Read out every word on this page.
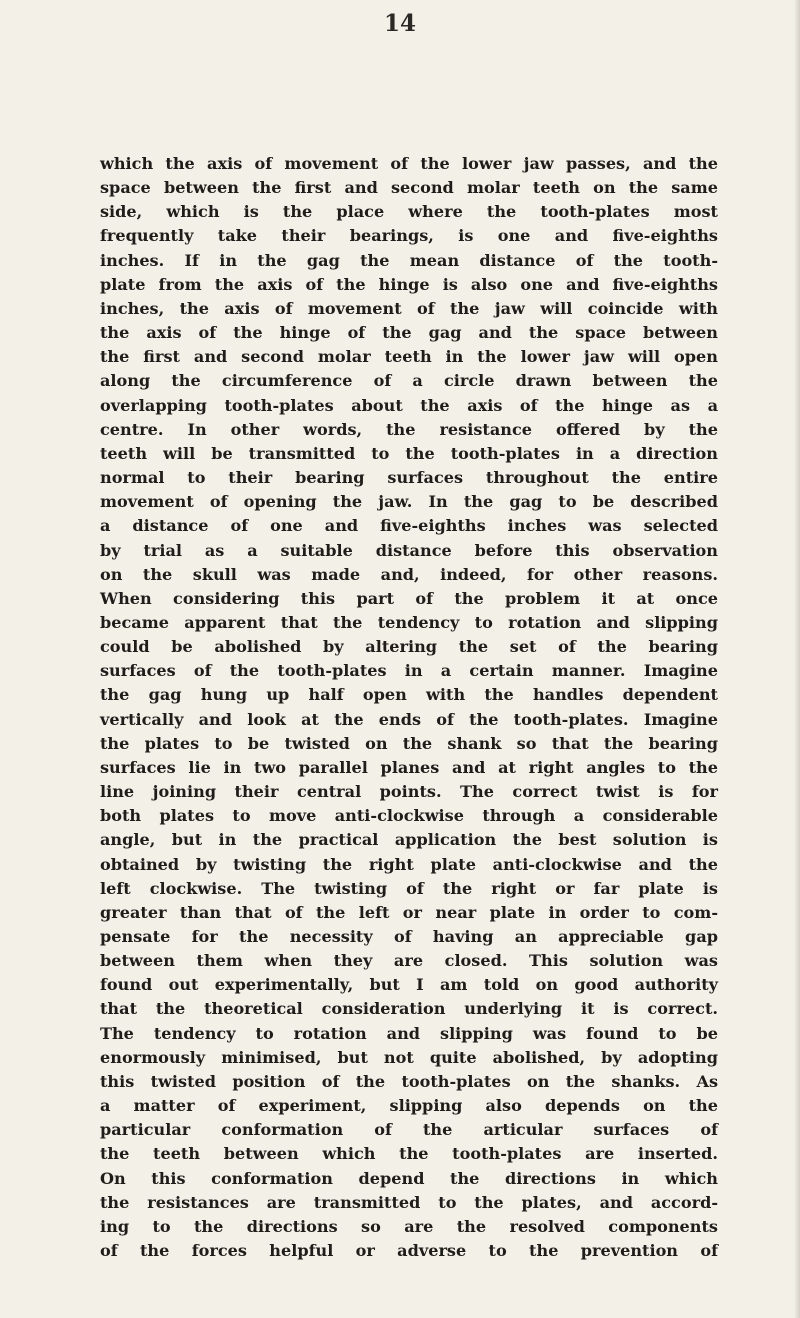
14
which the axis of movement of the lower jaw passes, and the
space between the first and second molar teeth on the same
side, which is the place where the tooth-plates most
frequently take their bearings, is one and five-eighths
inches. If in the gag the mean distance of the tooth-
plate from the axis of the hinge is also one and five-eighths
inches, the axis of movement of the jaw will coincide with
the axis of the hinge of the gag and the space between
the first and second molar teeth in the lower jaw will open
along the circumference of a circle drawn between the
overlapping tooth-plates about the axis of the hinge as a
centre. In other words, the resistance offered by the
teeth will be transmitted to the tooth-plates in a direction
normal to their bearing surfaces throughout the entire
movement of opening the jaw. In the gag to be described
a distance of one and five-eighths inches was selected
by trial as a suitable distance before this observation
on the skull was made and, indeed, for other reasons.
When considering this part of the problem it at once
became apparent that the tendency to rotation and slipping
could be abolished by altering the set of the bearing
surfaces of the tooth-plates in a certain manner. Imagine
the gag hung up half open with the handles dependent
vertically and look at the ends of the tooth-plates. Imagine
the plates to be twisted on the shank so that the bearing
surfaces lie in two parallel planes and at right angles to the
line joining their central points. The correct twist is for
both plates to move anti-clockwise through a considerable
angle, but in the practical application the best solution is
obtained by twisting the right plate anti-clockwise and the
left clockwise. The twisting of the right or far plate is
greater than that of the left or near plate in order to com-
pensate for the necessity of having an appreciable gap
between them when they are closed. This solution was
found out experimentally, but I am told on good authority
that the theoretical consideration underlying it is correct.
The tendency to rotation and slipping was found to be
enormously minimised, but not quite abolished, by adopting
this twisted position of the tooth-plates on the shanks. As
a matter of experiment, slipping also depends on the
particular conformation of the articular surfaces of
the teeth between which the tooth-plates are inserted.
On this conformation depend the directions in which
the resistances are transmitted to the plates, and accord-
ing to the directions so are the resolved components
of the forces helpful or adverse to the prevention of
